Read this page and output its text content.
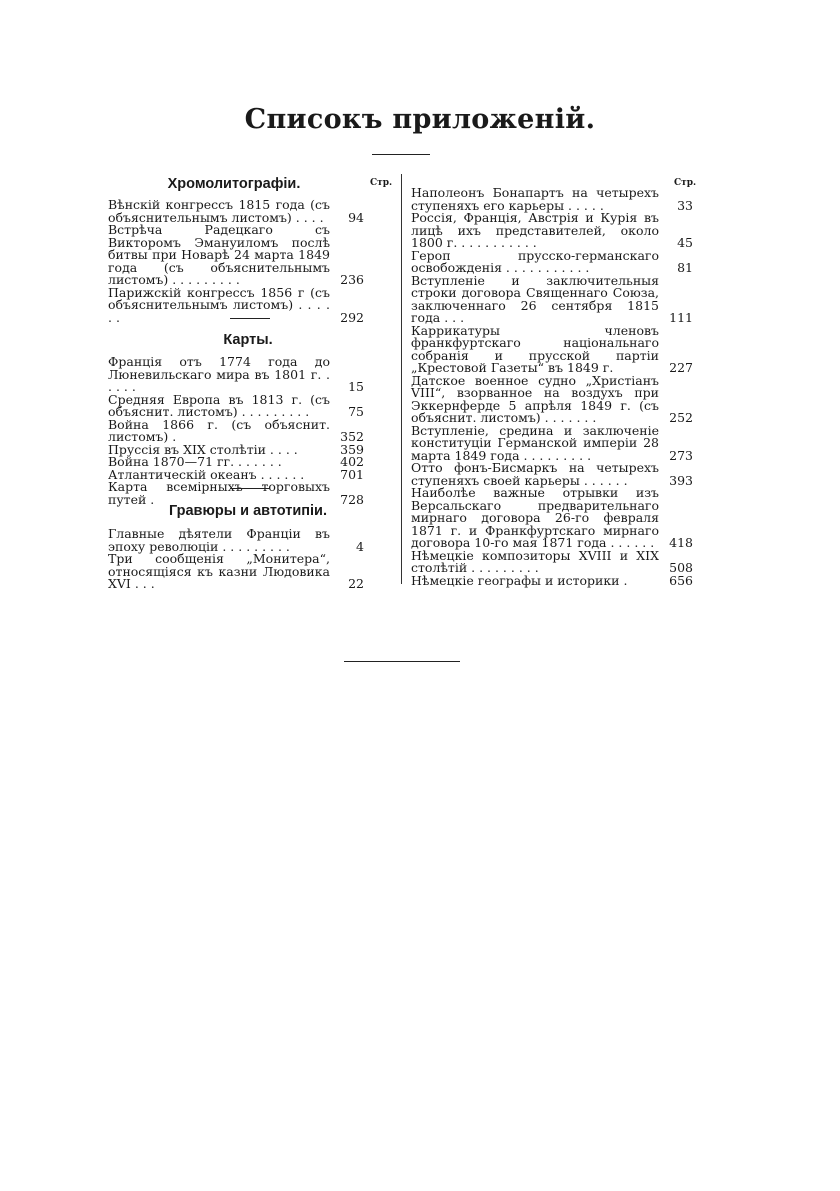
Списокъ приложеній.
Хромолитографіи.	Стр.
Вѣнскій конгрессъ 1815 года (съ объяснительнымъ листомъ) . . . .	94
Встрѣча Радецкаго съ Викторомъ Эмануиломъ послѣ битвы при Новарѣ 24 марта 1849 года (съ объяснительнымъ листомъ) . . . . . . . . .	236
Парижскій конгрессъ 1856 г (съ объяснительнымъ листомъ) . . . . . .	292
Карты.
Франція отъ 1774 года до Люневильскаго мира въ 1801 г. . . . . .	15
Средняя Европа въ 1813 г. (съ объяснит. листомъ) . . . . . . . . .	75
Война 1866 г. (съ объяснит. листомъ) .	352
Пруссія въ XIX столѣтіи . . . .	359
Война 1870—71 гг. . . . . . .	402
Атлантическій океанъ . . . . . .	701
Карта всемірныхъ торговыхъ путей .	728
Гравюры и автотипіи.
Главные дѣятели Франціи въ эпоху революціи . . . . . . . . .	4
Три сообщенія „Монитера“, относящіяся къ казни Людовика XVI . . .	22
Стр.
Наполеонъ Бонапартъ на четырехъ ступеняхъ его карьеры . . . . .	33
Россія, Франція, Австрія и Курія въ лицѣ ихъ представителей, около 1800 г. . . . . . . . . . .	45
Героп прусско-германскаго освобожденія . . . . . . . . . . .	81
Вступленіе и заключительныя строки договора Священнаго Союза, заключеннаго 26 сентября 1815 года . . .	111
Каррикатуры членовъ франкфуртскаго національнаго собранія и прусской партіи „Крестовой Газеты“ въ 1849 г.	227
Датское военное судно „Христіанъ VIII“, взорванное на воздухъ при Эккернферде 5 апрѣля 1849 г. (съ объяснит. листомъ) . . . . . . .	252
Вступленіе, средина и заключеніе конституціи Германской имперіи 28 марта 1849 года . . . . . . . . .	273
Отто фонъ-Бисмаркъ на четырехъ ступеняхъ своей карьеры . . . . . .	393
Наиболѣе важные отрывки изъ Версальскаго предварительнаго мирнаго договора 26-го февраля 1871 г. и Франкфуртскаго мирнаго договора 10-го мая 1871 года . . . . . .	418
Нѣмецкіе композиторы XVIII и XIX столѣтій . . . . . . . . .	508
Нѣмецкіе географы и историки .	656
